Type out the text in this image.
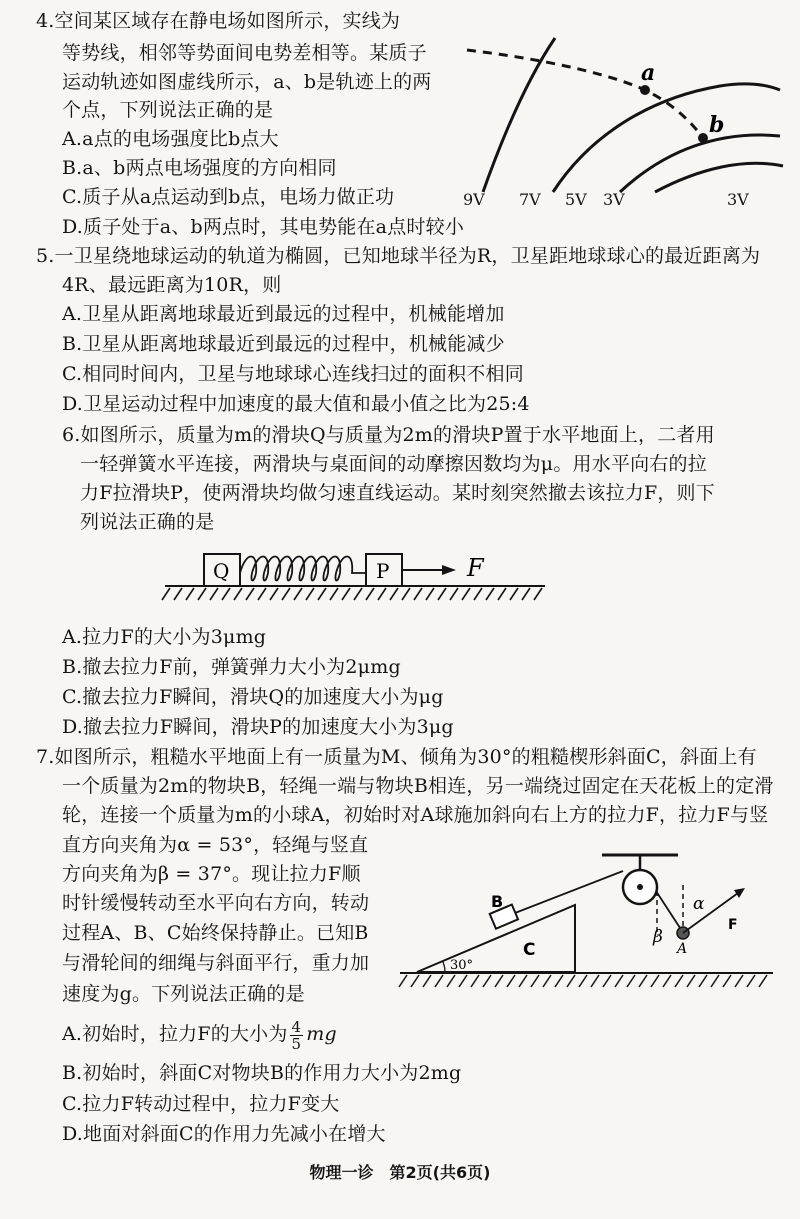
4.空间某区域存在静电场如图所示，实线为
等势线，相邻等势面间电势差相等。某质子
运动轨迹如图虚线所示，a、b是轨迹上的两
个点，下列说法正确的是
A.a点的电场强度比b点大
B.a、b两点电场强度的方向相同
C.质子从a点运动到b点，电场力做正功
D.质子处于a、b两点时，其电势能在a点时较小
a
b
9V 7V 5V 3V	3V
5.一卫星绕地球运动的轨道为椭圆，已知地球半径为R，卫星距地球球心的最近距离为
4R、最远距离为10R，则
A.卫星从距离地球最近到最远的过程中，机械能增加
B.卫星从距离地球最近到最远的过程中，机械能减少
C.相同时间内，卫星与地球球心连线扫过的面积不相同
D.卫星运动过程中加速度的最大值和最小值之比为25:4
6.如图所示，质量为m的滑块Q与质量为2m的滑块P置于水平地面上，二者用
一轻弹簧水平连接，两滑块与桌面间的动摩擦因数均为μ。用水平向右的拉
力F拉滑块P，使两滑块均做匀速直线运动。某时刻突然撤去该拉力F，则下
列说法正确的是
Q	P	F
A.拉力F的大小为3μmg
B.撤去拉力F前，弹簧弹力大小为2μmg
C.撤去拉力F瞬间，滑块Q的加速度大小为μg
D.撤去拉力F瞬间，滑块P的加速度大小为3μg
7.如图所示，粗糙水平地面上有一质量为M、倾角为30°的粗糙楔形斜面C，斜面上有
一个质量为2m的物块B，轻绳一端与物块B相连，另一端绕过固定在天花板上的定滑
轮，连接一个质量为m的小球A，初始时对A球施加斜向右上方的拉力F，拉力F与竖
直方向夹角为α = 53°，轻绳与竖直
方向夹角为β = 37°。现让拉力F顺
时针缓慢转动至水平向右方向，转动
过程A、B、C始终保持静止。已知B
与滑轮间的细绳与斜面平行，重力加
速度为g。下列说法正确的是
A.初始时，拉力F的大小为 $\frac{4}{5}$ mg
B.初始时，斜面C对物块B的作用力大小为2mg
C.拉力F转动过程中，拉力F变大
D.地面对斜面C的作用力先减小在增大
30°
C
B
A
F
α
β
物理一诊　第2页(共6页)
